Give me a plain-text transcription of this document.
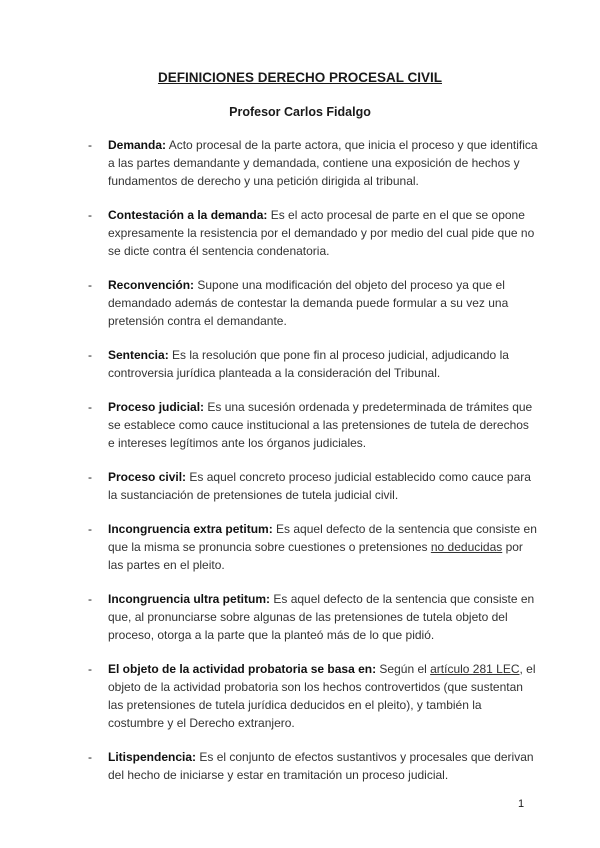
DEFINICIONES DERECHO PROCESAL CIVIL
Profesor Carlos Fidalgo
- Demanda: Acto procesal de la parte actora, que inicia el proceso y que identifica a las partes demandante y demandada, contiene una exposición de hechos y fundamentos de derecho y una petición dirigida al tribunal.
- Contestación a la demanda: Es el acto procesal de parte en el que se opone expresamente la resistencia por el demandado y por medio del cual pide que no se dicte contra él sentencia condenatoria.
- Reconvención: Supone una modificación del objeto del proceso ya que el demandado además de contestar la demanda puede formular a su vez una pretensión contra el demandante.
- Sentencia: Es la resolución que pone fin al proceso judicial, adjudicando la controversia jurídica planteada a la consideración del Tribunal.
- Proceso judicial: Es una sucesión ordenada y predeterminada de trámites que se establece como cauce institucional a las pretensiones de tutela de derechos e intereses legítimos ante los órganos judiciales.
- Proceso civil: Es aquel concreto proceso judicial establecido como cauce para la sustanciación de pretensiones de tutela judicial civil.
- Incongruencia extra petitum: Es aquel defecto de la sentencia que consiste en que la misma se pronuncia sobre cuestiones o pretensiones no deducidas por las partes en el pleito.
- Incongruencia ultra petitum: Es aquel defecto de la sentencia que consiste en que, al pronunciarse sobre algunas de las pretensiones de tutela objeto del proceso, otorga a la parte que la planteó más de lo que pidió.
- El objeto de la actividad probatoria se basa en: Según el artículo 281 LEC, el objeto de la actividad probatoria son los hechos controvertidos (que sustentan las pretensiones de tutela jurídica deducidos en el pleito), y también la costumbre y el Derecho extranjero.
- Litispendencia: Es el conjunto de efectos sustantivos y procesales que derivan del hecho de iniciarse y estar en tramitación un proceso judicial.
1
